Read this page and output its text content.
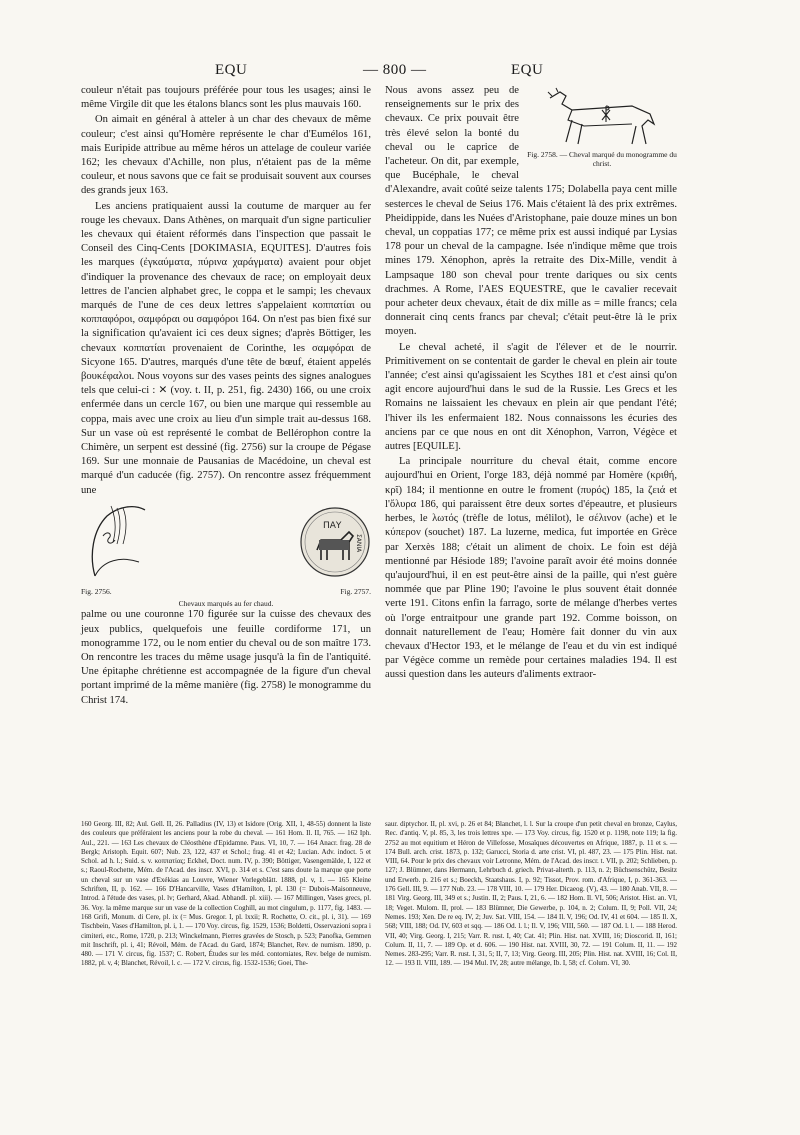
EQU	— 800 —	EQU

couleur n'était pas toujours préférée pour tous les usages; ainsi le même Virgile dit que les étalons blancs sont les plus mauvais 160.

On aimait en général à atteler à un char des chevaux de même couleur; c'est ainsi qu'Homère représente le char d'Eumélos 161, mais Euripide attribue au même héros un attelage de couleur variée 162; les chevaux d'Achille, non plus, n'étaient pas de la même couleur, et nous savons que ce fait se produisait souvent aux courses des grands jeux 163.

Les anciens pratiquaient aussi la coutume de marquer au fer rouge les chevaux. Dans Athènes, on marquait d'un signe particulier les chevaux qui étaient réformés dans l'inspection que passait le Conseil des Cinq-Cents [DOKIMASIA, EQUITES]. D'autres fois les marques (ἐγκαύματα, πύρινα χαράγματα) avaient pour objet d'indiquer la provenance des chevaux de race; on employait deux lettres de l'ancien alphabet grec, le coppa et le sampi; les chevaux marqués de l'une de ces deux lettres s'appelaient κοππατίαι ou κοππαφόροι, σαμφόραι ou σαμφόροι 164. On n'est pas bien fixé sur la signification qu'avaient ici ces deux signes; d'après Böttiger, les chevaux κοππατίαι provenaient de Corinthe, les σαμφόραι de Sicyone 165. D'autres, marqués d'une tête de bœuf, étaient appelés βουκέφαλοι. Nous voyons sur des vases peints des signes analogues tels que celui-ci : ✕ (voy. t. II, p. 251, fig. 2430) 166, ou une croix enfermée dans un cercle 167, ou bien une marque qui ressemble au coppa, mais avec une croix au lieu d'un simple trait au-dessus 168. Sur un vase où est représenté le combat de Bellérophon contre la Chimère, un serpent est dessiné (fig. 2756) sur la croupe de Pégase 169. Sur une monnaie de Pausanias de Macédoine, un cheval est marqué d'un caducée (fig. 2757). On rencontre assez fréquemment une

ΠΑΥ
ΣΑΝΙΑ
Fig. 2756.	Fig. 2757.
Chevaux marqués au fer chaud.

palme ou une couronne 170 figurée sur la cuisse des chevaux des jeux publics, quelquefois une feuille cordiforme 171, un monogramme 172, ou le nom entier du cheval ou de son maître 173. On rencontre les traces du même usage jusqu'à la fin de l'antiquité. Une épitaphe chrétienne est accompagnée de la figure d'un cheval portant imprimé de la même manière (fig. 2758) le monogramme du Christ 174.

Fig. 2758. — Cheval marqué du monogramme du christ.

Nous avons assez peu de renseignements sur le prix des chevaux. Ce prix pouvait être très élevé selon la bonté du cheval ou le caprice de l'acheteur. On dit, par exemple, que Bucéphale, le cheval d'Alexandre, avait coûté seize talents 175; Dolabella paya cent mille sesterces le cheval de Seius 176. Mais c'étaient là des prix extrêmes. Pheidippide, dans les Nuées d'Aristophane, paie douze mines un bon cheval, un coppatias 177; ce même prix est aussi indiqué par Lysias 178 pour un cheval de la campagne. Isée n'indique même que trois mines 179. Xénophon, après la retraite des Dix-Mille, vendit à Lampsaque 180 son cheval pour trente dariques ou six cents drachmes. A Rome, l'AES EQUESTRE, que le cavalier recevait pour acheter deux chevaux, était de dix mille as = mille francs; cela donnerait cinq cents francs par cheval; c'était peut-être là le prix moyen.

Le cheval acheté, il s'agit de l'élever et de le nourrir. Primitivement on se contentait de garder le cheval en plein air toute l'année; c'est ainsi qu'agissaient les Scythes 181 et c'est ainsi qu'on agit encore aujourd'hui dans le sud de la Russie. Les Grecs et les Romains ne laissaient les chevaux en plein air que pendant l'été; l'hiver ils les enfermaient 182. Nous connaissons les écuries des anciens par ce que nous en ont dit Xénophon, Varron, Végèce et autres [EQUILE].

La principale nourriture du cheval était, comme encore aujourd'hui en Orient, l'orge 183, déjà nommé par Homère (κριθή, κρῖ) 184; il mentionne en outre le froment (πυρός) 185, la ζειά et l'ὄλυρα 186, qui paraissent être deux sortes d'épeautre, et plusieurs herbes, le λωτός (trèfle de lotus, mélilot), le σέλινον (ache) et le κύπερον (souchet) 187. La luzerne, medica, fut importée en Grèce par Xerxès 188; c'était un aliment de choix. Le foin est déjà mentionné par Hésiode 189; l'avoine paraît avoir été moins donnée qu'aujourd'hui, il en est peut-être ainsi de la paille, qui n'est guère nommée que par Pline 190; l'avoine le plus souvent était donnée verte 191. Citons enfin la farrago, sorte de mélange d'herbes vertes où l'orge entraitpour une grande part 192. Comme boisson, on donnait naturellement de l'eau; Homère fait donner du vin aux chevaux d'Hector 193, et le mélange de l'eau et du vin est indiqué par Végèce comme un remède pour certaines maladies 194. Il est aussi question dans les auteurs d'aliments extraor-

160 Georg. III, 82; Aul. Gell. II, 26. Palladius (IV, 13) et Isidore (Orig. XII, 1, 48-55) donnent la liste des couleurs que préféraient les anciens pour la robe du cheval. — 161 Hom. Il. II, 765. — 162 Iph. Aul., 221. — 163 Les chevaux de Cléosthène d'Epidamne. Paus. VI, 10, 7. — 164 Anacr. frag. 28 de Bergk; Aristoph. Equit. 607; Nub. 23, 122, 437 et Schol.; frag. 41 et 42; Lucian. Adv. indoct. 5 et Schol. ad h. l.; Suid. s. v. κοππατίας; Eckhel, Doct. num. IV, p. 390; Böttiger, Vasengemälde, I, 122 et s.; Raoul-Rochette, Mém. de l'Acad. des inscr. XVI, p. 314 et s. C'est sans doute la marque que porte un cheval sur un vase d'Exékias au Louvre, Wiener Vorlegeblätt. 1888, pl. v, 1. — 165 Kleine Schriften, II, p. 162. — 166 D'Hancarville, Vases d'Hamilton, I, pl. 130 (= Dubois-Maisonneuve, Introd. à l'étude des vases, pl. lv; Gerhard, Akad. Abhandl. pl. xiii). — 167 Millingen, Vases grecs, pl. 36. Voy. la même marque sur un vase de la collection Coghill, au mot cingulum, p. 1177, fig. 1483. — 168 Grifi, Monum. di Cere, pl. ix (= Mus. Gregor. I, pl. lxxii; R. Rochette, O. cit., pl. i, 31). — 169 Tischbein, Vases d'Hamilton, pl. i, 1. — 170 Voy. circus, fig. 1529, 1536; Boldetti, Osservazioni sopra i cimiteri, etc., Rome, 1720, p. 213; Winckelmann, Pierres gravées de Stosch, p. 523; Panofka, Gemmen mit Inschrift, pl. i, 41; Révoil, Mém. de l'Acad. du Gard, 1874; Blanchet, Rev. de numism. 1890, p. 480. — 171 V. circus, fig. 1537; C. Robert, Études sur les méd. contorniates, Rev. belge de numism. 1882, pl. v, 4; Blanchet, Révoil, l. c. — 172 V. circus, fig. 1532-1536; Goei, The-
saur. diptychor. II, pl. xvi, p. 26 et 84; Blanchet, l. l. Sur la croupe d'un petit cheval en bronze, Caylus, Rec. d'antiq. V, pl. 85, 3, les trois lettres xpe. — 173 Voy. circus, fig. 1520 et p. 1198, note 119; la fig. 2752 au mot equitium et Héron de Villefosse, Mosaïques découvertes en Afrique, 1887, p. 11 et s. — 174 Bull. arch. crist. 1873, p. 132; Garucci, Storia d. arte crist. VI, pl. 487, 23. — 175 Plin. Hist. nat. VIII, 64. Pour le prix des chevaux voir Letronne, Mém. de l'Acad. des inscr. t. VII, p. 202; Schlieben, p. 127; J. Blümner, dans Hermann, Lehrbuch d. griech. Privat-alterth. p. 113, n. 2; Büchsenschütz, Besitz und Erwerb. p. 216 et s.; Boeckh, Staatshaus. I, p. 92; Tissot, Prov. rom. d'Afrique, I, p. 361-363. — 176 Gell. III, 9. — 177 Nub. 23. — 178 VIII, 10. — 179 Her. Dicaeog. (V), 43. — 180 Anab. VII, 8. — 181 Virg. Georg. III, 349 et s.; Justin. II, 2; Paus. I, 21, 6. — 182 Hom. Il. VI, 506; Aristot. Hist. an. VI, 18; Veget. Mulom. II, prol. — 183 Blümner, Die Gewerbe, p. 104, n. 2; Colum. II, 9; Poll. VII, 24; Nemes. 193; Xen. De re eq. IV, 2; Juv. Sat. VIII, 154. — 184 Il. V, 196; Od. IV, 41 et 604. — 185 Il. X, 568; VIII, 188; Od. IV, 603 et sqq. — 186 Od. l. l.; Il. V, 196; VIII, 560. — 187 Od. l. l. — 188 Herod. VII, 40; Virg. Georg. I, 215; Varr. R. rust. I, 40; Cat. 41; Plin. Hist. nat. XVIII, 16; Dioscorid. II, 161; Colum. II, 11, 7. — 189 Op. et d. 606. — 190 Hist. nat. XVIII, 30, 72. — 191 Colum. II, 11. — 192 Nemes. 283-295; Varr. R. rust. I, 31, 5; II, 7, 13; Virg. Georg. III, 205; Plin. Hist. nat. XVIII, 16; Col. II, 12. — 193 Il. VIII, 189. — 194 Mul. IV, 28; autre mélange, Ib. I, 58; cf. Colum. VI, 30.
